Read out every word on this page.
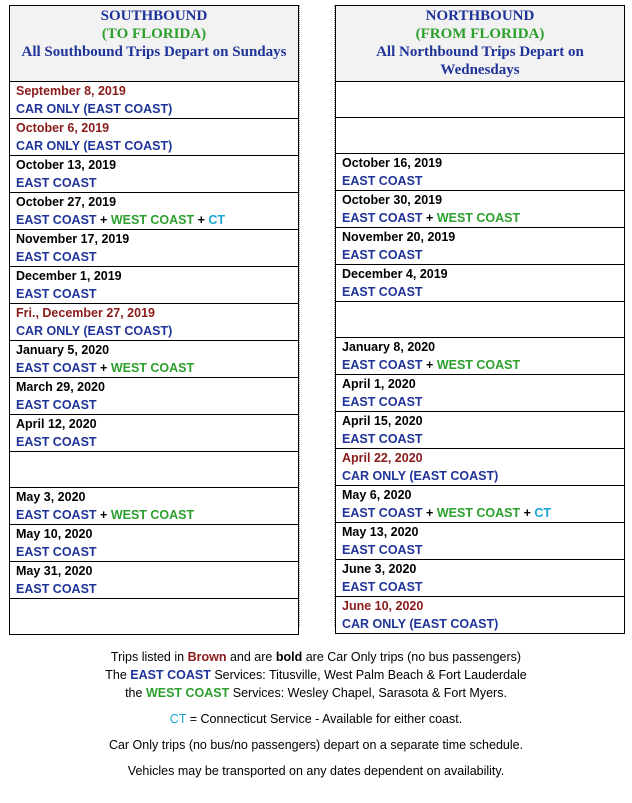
SOUTHBOUND
(TO FLORIDA)
All Southbound Trips Depart on Sundays

September 8, 2019
CAR ONLY (EAST COAST)

October 6, 2019
CAR ONLY (EAST COAST)

October 13, 2019
EAST COAST

October 27, 2019
EAST COAST + WEST COAST + CT

November 17, 2019
EAST COAST

December 1, 2019
EAST COAST

Fri., December 27, 2019
CAR ONLY (EAST COAST)

January 5, 2020
EAST COAST + WEST COAST

March 29, 2020
EAST COAST

April 12, 2020
EAST COAST

May 3, 2020
EAST COAST + WEST COAST

May 10, 2020
EAST COAST

May 31, 2020
EAST COAST

NORTHBOUND
(FROM FLORIDA)
All Northbound Trips Depart on Wednesdays

October 16, 2019
EAST COAST

October 30, 2019
EAST COAST + WEST COAST

November 20, 2019
EAST COAST

December 4, 2019
EAST COAST

January 8, 2020
EAST COAST + WEST COAST

April 1, 2020
EAST COAST

April 15, 2020
EAST COAST

April 22, 2020
CAR ONLY (EAST COAST)

May 6, 2020
EAST COAST + WEST COAST + CT

May 13, 2020
EAST COAST

June 3, 2020
EAST COAST

June 10, 2020
CAR ONLY (EAST COAST)

Trips listed in Brown and are bold are Car Only trips (no bus passengers)

The EAST COAST Services: Titusville, West Palm Beach & Fort Lauderdale

the WEST COAST Services: Wesley Chapel, Sarasota & Fort Myers.

CT = Connecticut Service - Available for either coast.

Car Only trips (no bus/no passengers) depart on a separate time schedule.

Vehicles may be transported on any dates dependent on availability.
